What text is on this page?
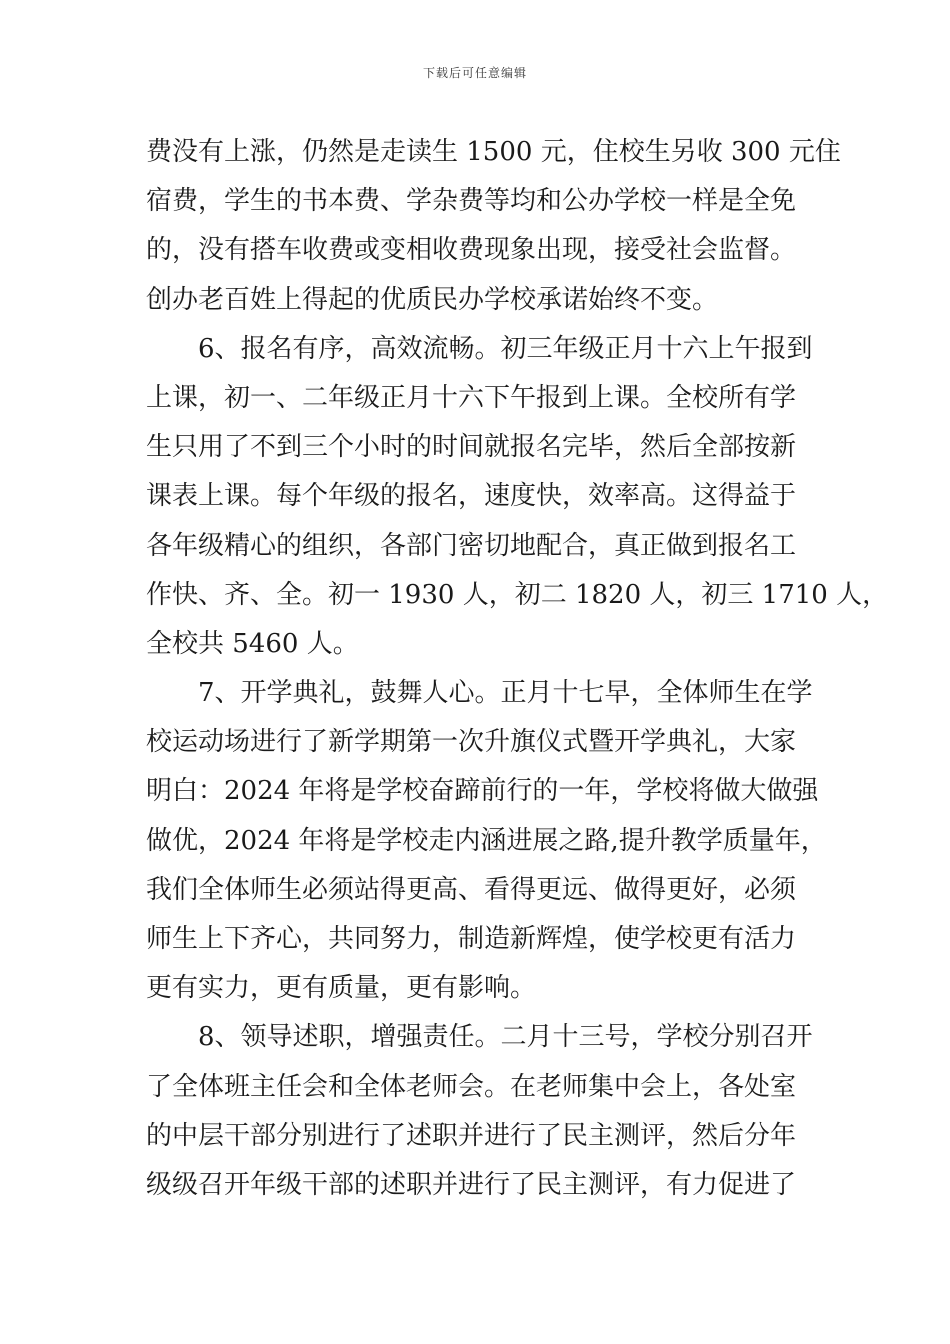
下载后可任意编辑
费没有上涨，仍然是走读生 1500 元，住校生另收 300 元住
宿费，学生的书本费、学杂费等均和公办学校一样是全免
的，没有搭车收费或变相收费现象出现，接受社会监督。
创办老百姓上得起的优质民办学校承诺始终不变。
6、报名有序，高效流畅。初三年级正月十六上午报到
上课，初一、二年级正月十六下午报到上课。全校所有学
生只用了不到三个小时的时间就报名完毕，然后全部按新
课表上课。每个年级的报名，速度快，效率高。这得益于
各年级精心的组织，各部门密切地配合，真正做到报名工
作快、齐、全。初一 1930 人，初二 1820 人，初三 1710 人，
全校共 5460 人。
7、开学典礼，鼓舞人心。正月十七早，全体师生在学
校运动场进行了新学期第一次升旗仪式暨开学典礼，大家
明白：2024 年将是学校奋蹄前行的一年，学校将做大做强
做优，2024 年将是学校走内涵进展之路,提升教学质量年，
我们全体师生必须站得更高、看得更远、做得更好，必须
师生上下齐心，共同努力，制造新辉煌，使学校更有活力
更有实力，更有质量，更有影响。
8、领导述职，增强责任。二月十三号，学校分别召开
了全体班主任会和全体老师会。在老师集中会上，各处室
的中层干部分别进行了述职并进行了民主测评，然后分年
级级召开年级干部的述职并进行了民主测评，有力促进了
